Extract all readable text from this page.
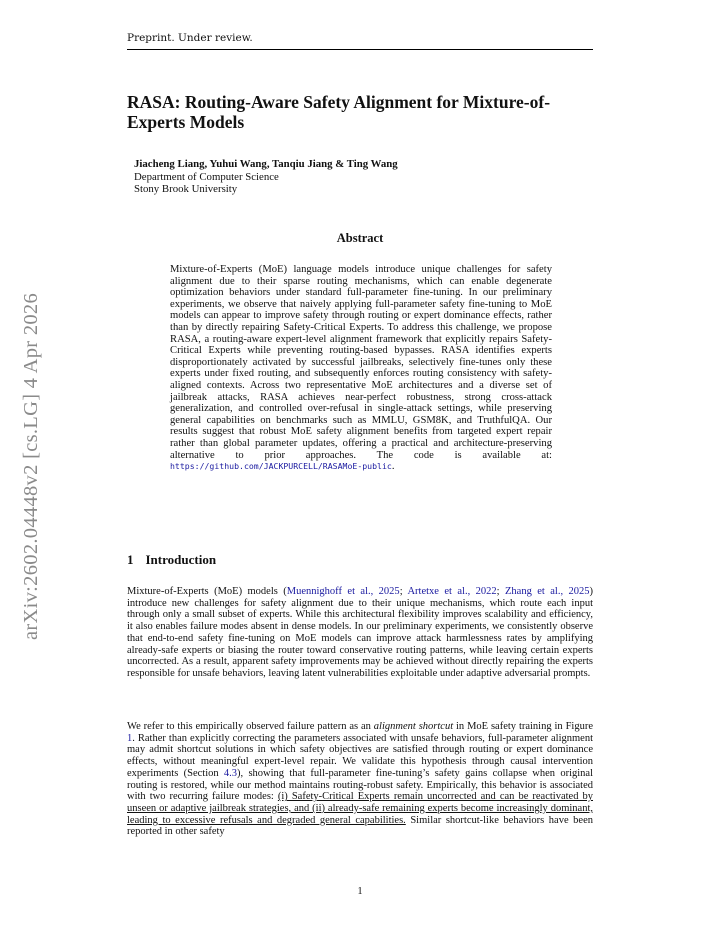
Preprint. Under review.
arXiv:2602.04448v2 [cs.LG] 4 Apr 2026
RASA: Routing-Aware Safety Alignment for Mixture-of-Experts Models
Jiacheng Liang, Yuhui Wang, Tanqiu Jiang & Ting Wang
Department of Computer Science
Stony Brook University
Abstract
Mixture-of-Experts (MoE) language models introduce unique challenges for safety alignment due to their sparse routing mechanisms, which can enable degenerate optimization behaviors under standard full-parameter fine-tuning. In our preliminary experiments, we observe that naively applying full-parameter safety fine-tuning to MoE models can appear to improve safety through routing or expert dominance effects, rather than by directly repairing Safety-Critical Experts. To address this challenge, we propose RASA, a routing-aware expert-level alignment framework that explicitly repairs Safety-Critical Experts while preventing routing-based bypasses. RASA identifies experts disproportionately activated by successful jailbreaks, selectively fine-tunes only these experts under fixed routing, and subsequently enforces routing consistency with safety-aligned contexts. Across two representative MoE architectures and a diverse set of jailbreak attacks, RASA achieves near-perfect robustness, strong cross-attack generalization, and controlled over-refusal in single-attack settings, while preserving general capabilities on benchmarks such as MMLU, GSM8K, and TruthfulQA. Our results suggest that robust MoE safety alignment benefits from targeted expert repair rather than global parameter updates, offering a practical and architecture-preserving alternative to prior approaches. The code is available at: https://github.com/JACKPURCELL/RASAMoE-public.
1 Introduction
Mixture-of-Experts (MoE) models (Muennighoff et al., 2025; Artetxe et al., 2022; Zhang et al., 2025) introduce new challenges for safety alignment due to their unique mechanisms, which route each input through only a small subset of experts. While this architectural flexibility improves scalability and efficiency, it also enables failure modes absent in dense models. In our preliminary experiments, we consistently observe that end-to-end safety fine-tuning on MoE models can improve attack harmlessness rates by amplifying already-safe experts or biasing the router toward conservative routing patterns, while leaving certain experts uncorrected. As a result, apparent safety improvements may be achieved without directly repairing the experts responsible for unsafe behaviors, leaving latent vulnerabilities exploitable under adaptive adversarial prompts.
We refer to this empirically observed failure pattern as an alignment shortcut in MoE safety training in Figure 1. Rather than explicitly correcting the parameters associated with unsafe behaviors, full-parameter alignment may admit shortcut solutions in which safety objectives are satisfied through routing or expert dominance effects, without meaningful expert-level repair. We validate this hypothesis through causal intervention experiments (Section 4.3), showing that full-parameter fine-tuning’s safety gains collapse when original routing is restored, while our method maintains routing-robust safety. Empirically, this behavior is associated with two recurring failure modes: (i) Safety-Critical Experts remain uncorrected and can be reactivated by unseen or adaptive jailbreak strategies, and (ii) already-safe remaining experts become increasingly dominant, leading to excessive refusals and degraded general capabilities. Similar shortcut-like behaviors have been reported in other safety
1
